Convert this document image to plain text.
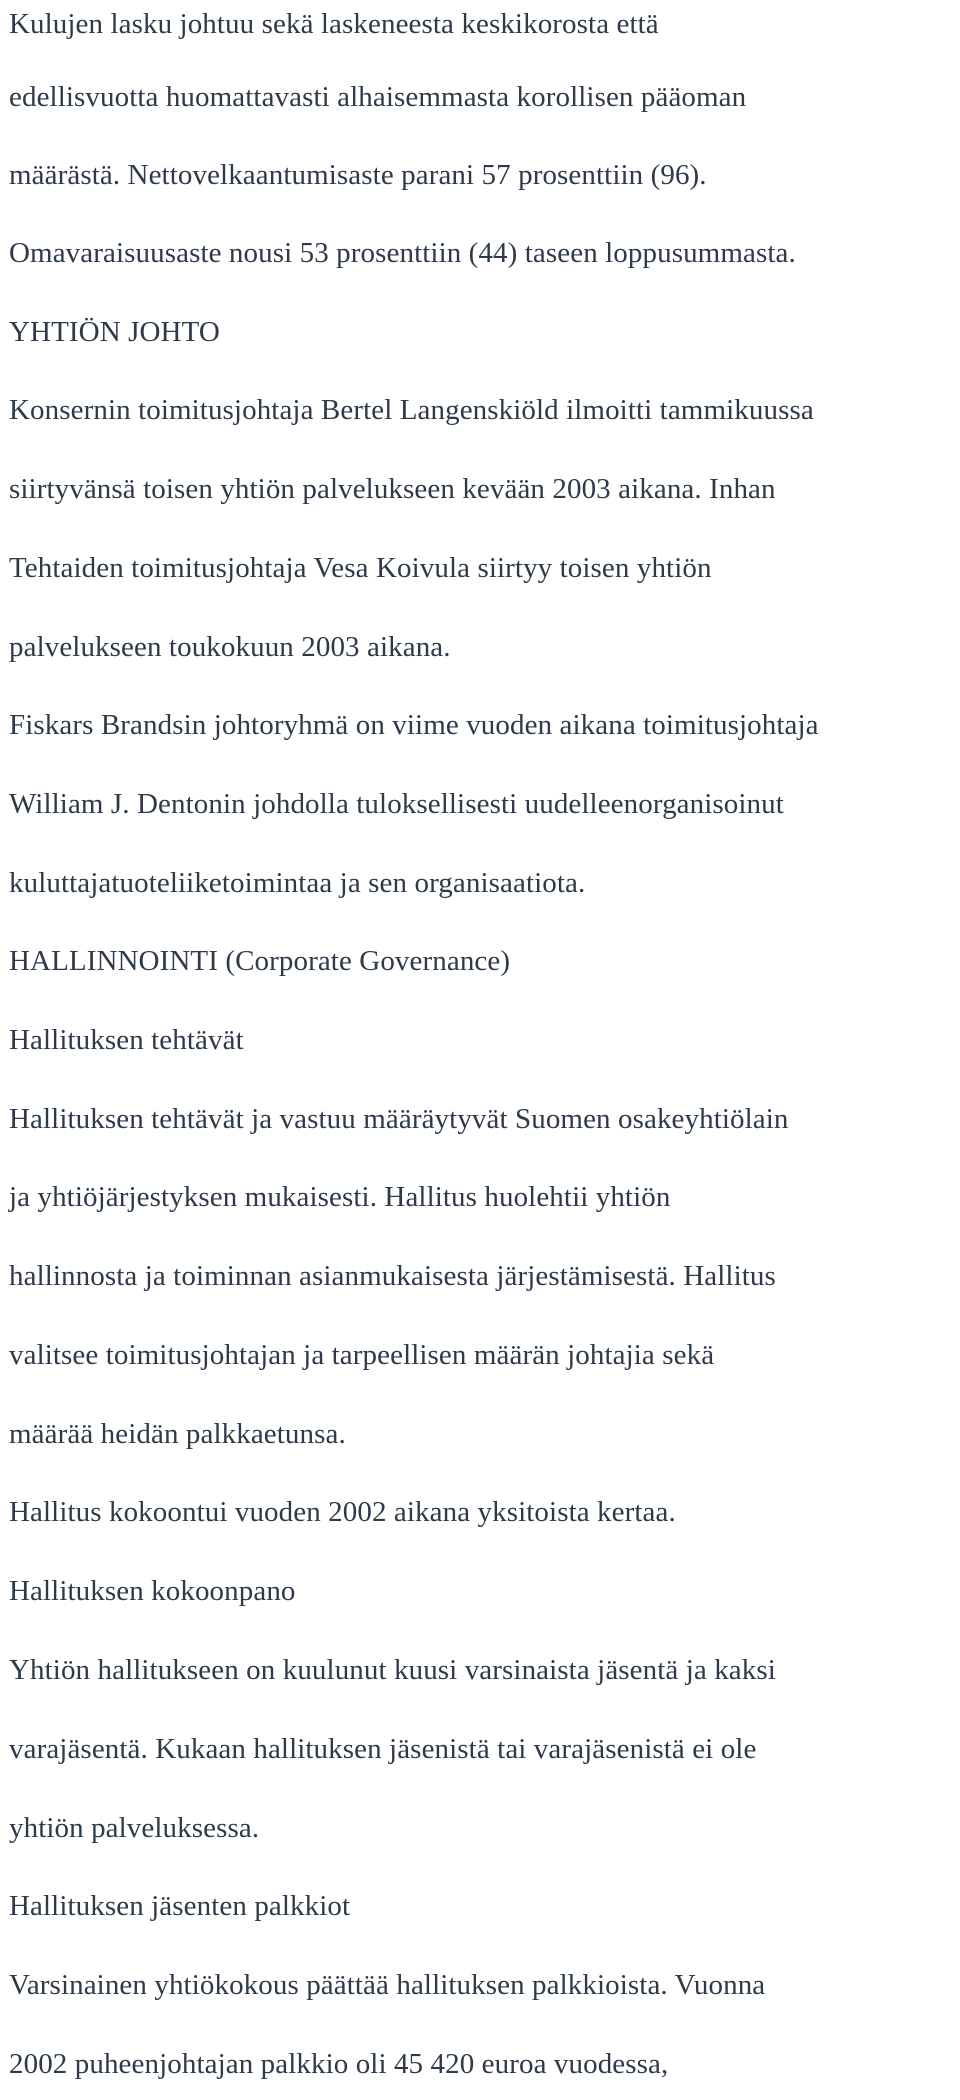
Kulujen lasku johtuu sekä laskeneesta keskikorosta että

edellisvuotta huomattavasti alhaisemmasta korollisen pääoman

määrästä. Nettovelkaantumisaste parani 57 prosenttiin (96).

Omavaraisuusaste nousi 53 prosenttiin (44) taseen loppusummasta.

YHTIÖN JOHTO

Konsernin toimitusjohtaja Bertel Langenskiöld ilmoitti tammikuussa

siirtyvänsä toisen yhtiön palvelukseen kevään 2003 aikana. Inhan

Tehtaiden toimitusjohtaja Vesa Koivula siirtyy toisen yhtiön

palvelukseen toukokuun 2003 aikana.

Fiskars Brandsin johtoryhmä on viime vuoden aikana toimitusjohtaja

William J. Dentonin johdolla tuloksellisesti uudelleenorganisoinut

kuluttajatuoteliiketoimintaa ja sen organisaatiota.

HALLINNOINTI (Corporate Governance)

Hallituksen tehtävät

Hallituksen tehtävät ja vastuu määräytyvät Suomen osakeyhtiölain

ja yhtiöjärjestyksen mukaisesti. Hallitus huolehtii yhtiön

hallinnosta ja toiminnan asianmukaisesta järjestämisestä. Hallitus

valitsee toimitusjohtajan ja tarpeellisen määrän johtajia sekä

määrää heidän palkkaetunsa.

Hallitus kokoontui vuoden 2002 aikana yksitoista kertaa.

Hallituksen kokoonpano

Yhtiön hallitukseen on kuulunut kuusi varsinaista jäsentä ja kaksi

varajäsentä. Kukaan hallituksen jäsenistä tai varajäsenistä ei ole

yhtiön palveluksessa.

Hallituksen jäsenten palkkiot

Varsinainen yhtiökokous päättää hallituksen palkkioista. Vuonna

2002 puheenjohtajan palkkio oli 45 420 euroa vuodessa,
